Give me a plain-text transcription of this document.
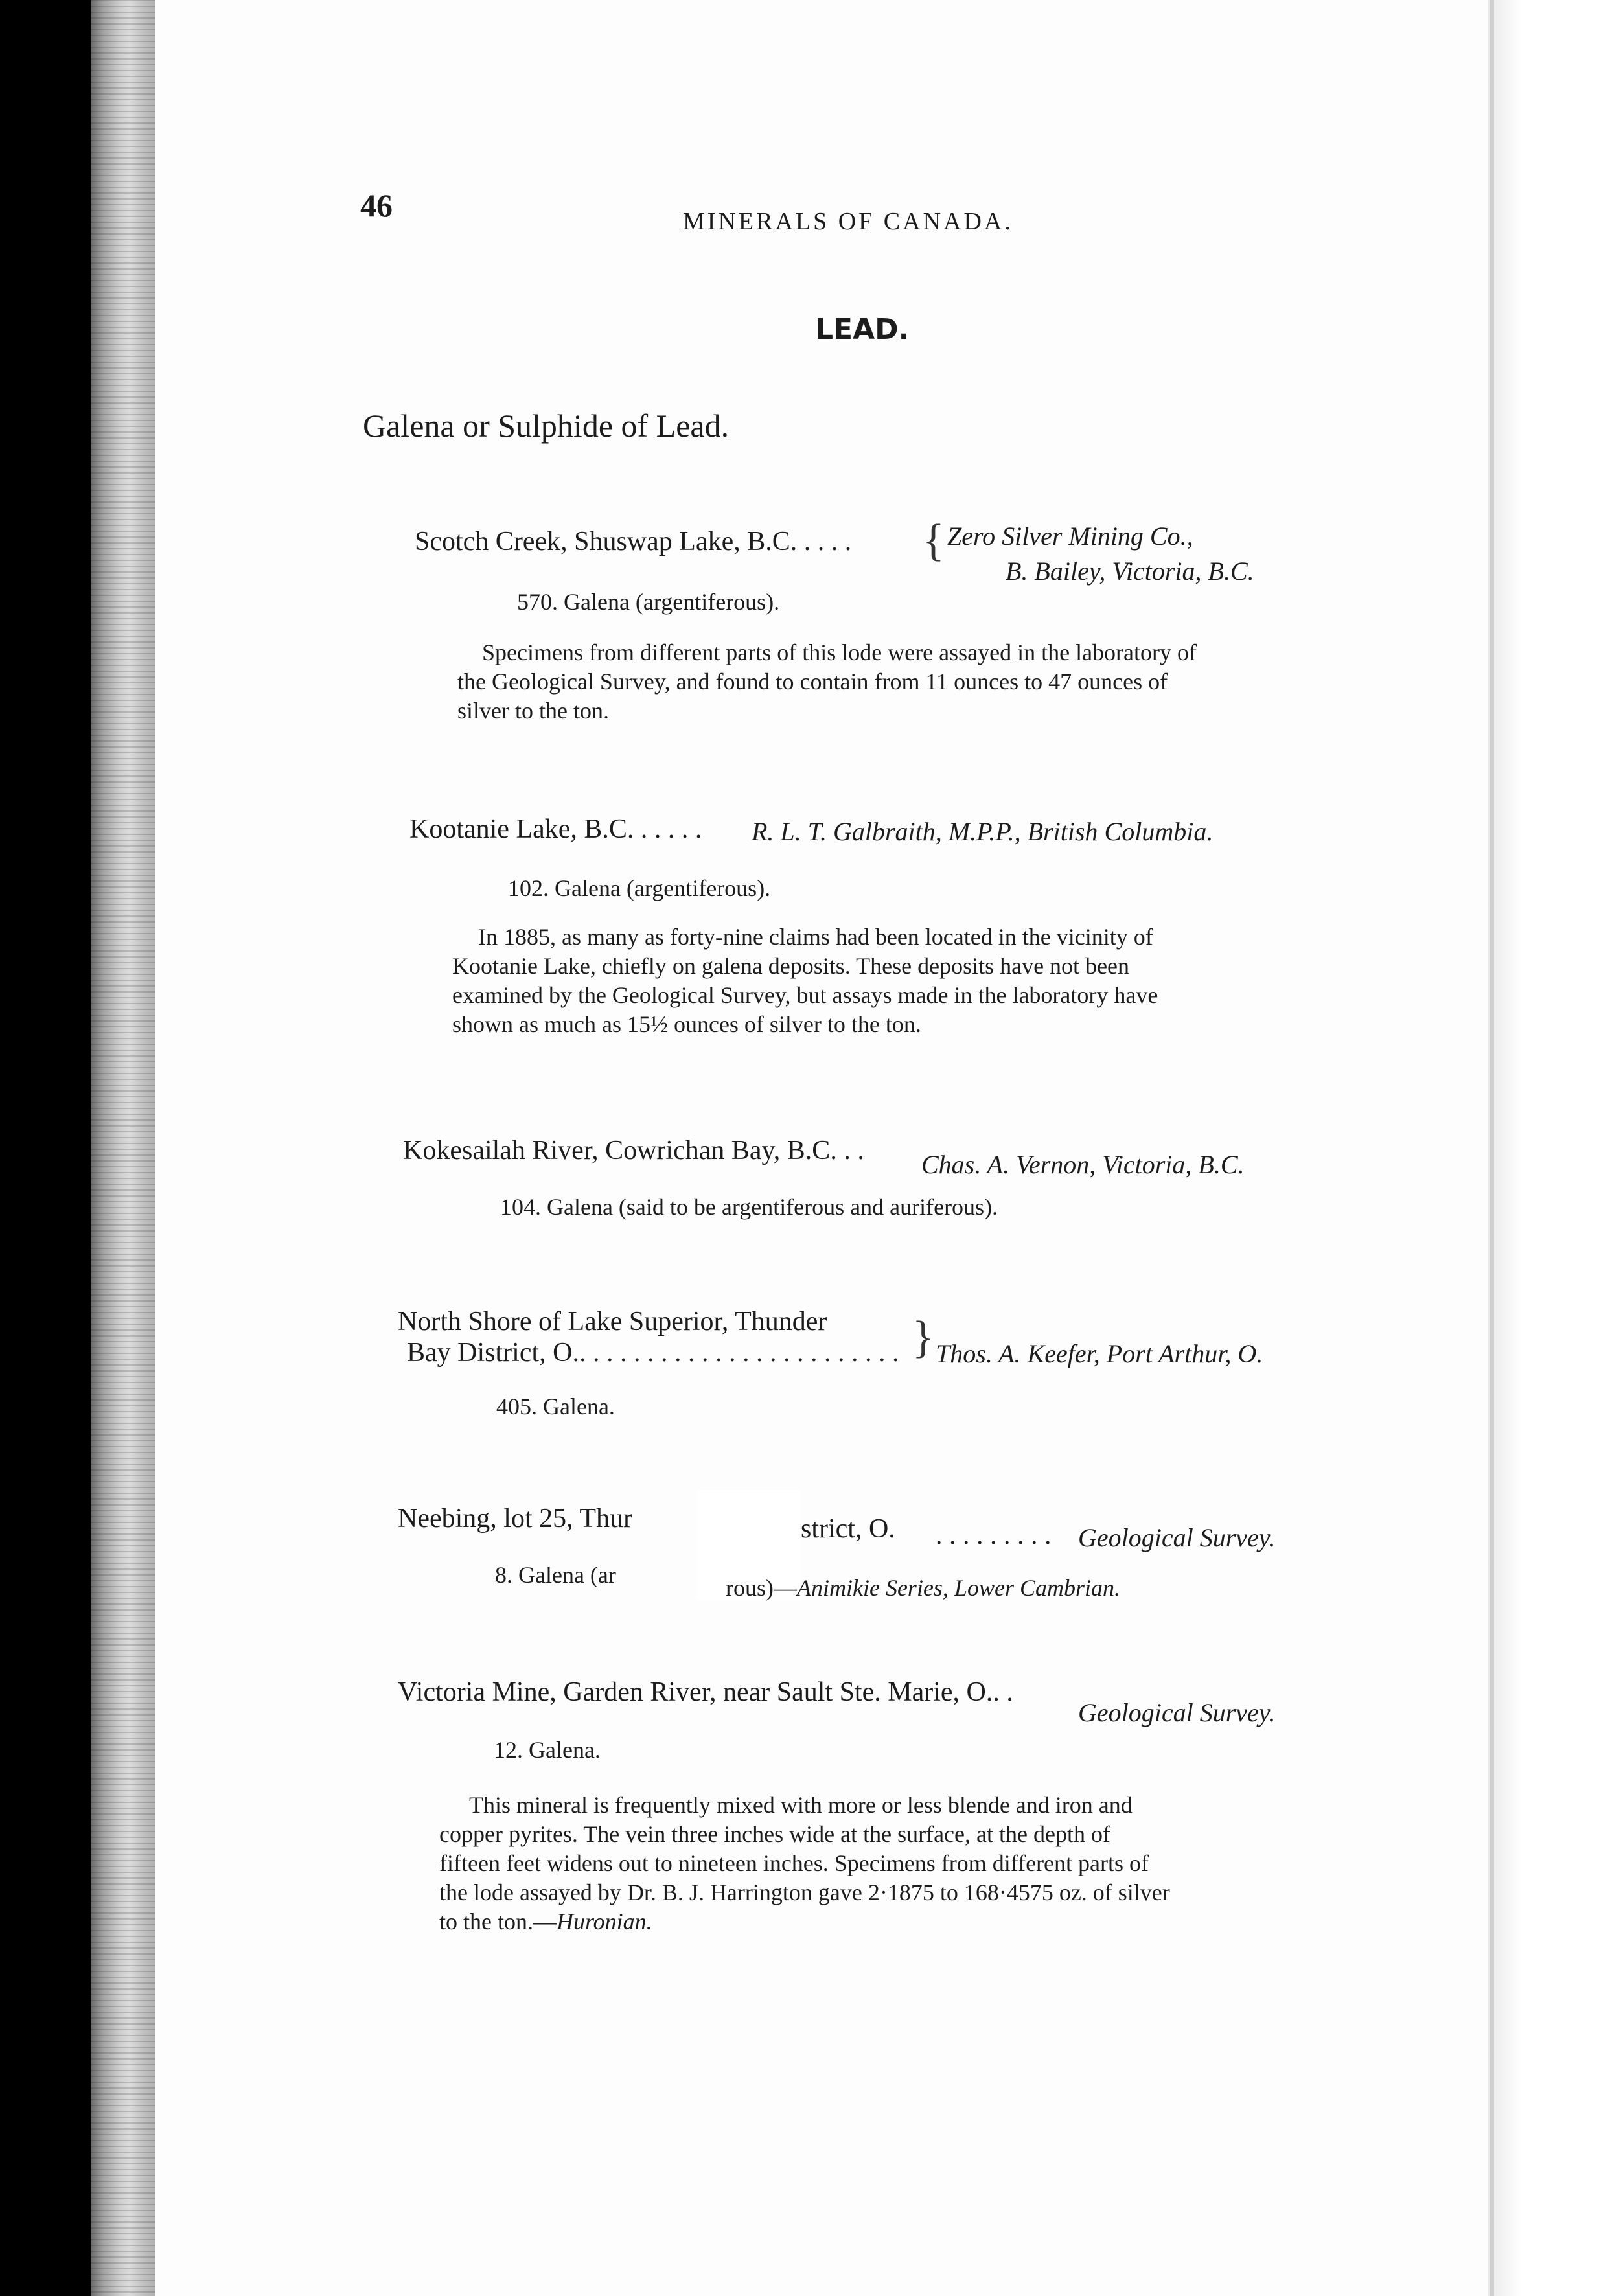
46	MINERALS OF CANADA.
LEAD.
Galena or Sulphide of Lead.
Scotch Creek, Shuswap Lake, B.C. . . . . { Zero Silver Mining Co.,
B. Bailey, Victoria, B.C.
570. Galena (argentiferous).
Specimens from different parts of this lode were assayed in the laboratory of
the Geological Survey, and found to contain from 11 ounces to 47 ounces of
silver to the ton.
Kootanie Lake, B.C. . . . . . R. L. T. Galbraith, M.P.P., British Columbia.
102. Galena (argentiferous).
In 1885, as many as forty-nine claims had been located in the vicinity of
Kootanie Lake, chiefly on galena deposits. These deposits have not been
examined by the Geological Survey, but assays made in the laboratory have
shown as much as 15½ ounces of silver to the ton.
Kokesailah River, Cowrichan Bay, B.C. . . Chas. A. Vernon, Victoria, B.C.
104. Galena (said to be argentiferous and auriferous).
North Shore of Lake Superior, Thunder
Bay District, O.. . . . . . . . . . . . . . . . . . . . . . . . } Thos. A. Keefer, Port Arthur, O.
405. Galena.
Neebing, lot 25, Thur	strict, O. . . . . . . . . . Geological Survey.
8. Galena (ar	rous)—Animikie Series, Lower Cambrian.
Victoria Mine, Garden River, near Sault Ste. Marie, O.. .
Geological Survey.
12. Galena.
This mineral is frequently mixed with more or less blende and iron and
copper pyrites. The vein three inches wide at the surface, at the depth of
fifteen feet widens out to nineteen inches. Specimens from different parts of
the lode assayed by Dr. B. J. Harrington gave 2·1875 to 168·4575 oz. of silver
to the ton.—Huronian.
